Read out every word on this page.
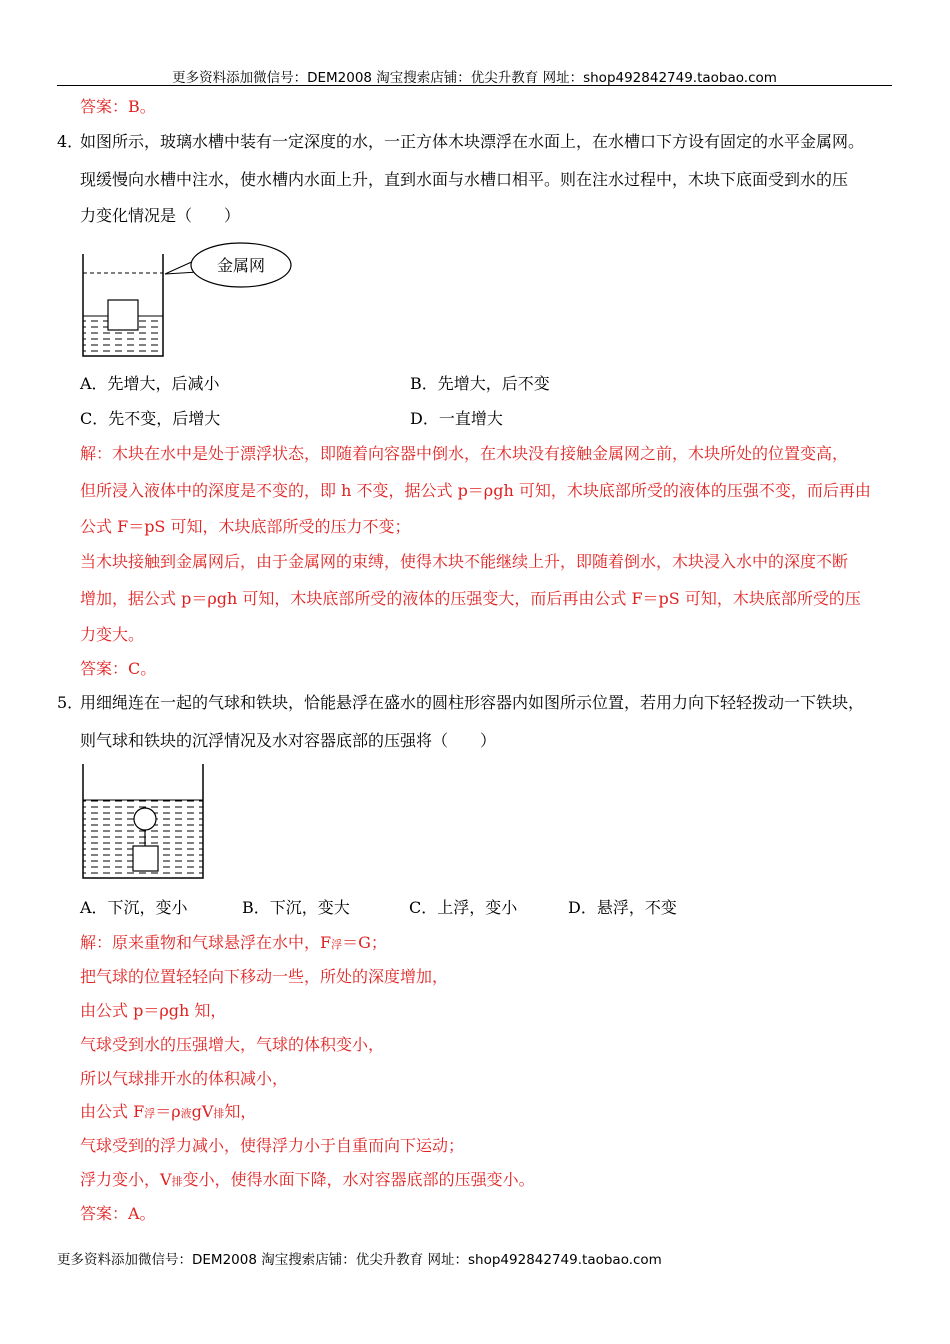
更多资料添加微信号：DEM2008 淘宝搜索店铺：优尖升教育 网址：shop492842749.taobao.com
答案：B。
4．
如图所示，玻璃水槽中装有一定深度的水，一正方体木块漂浮在水面上，在水槽口下方设有固定的水平金属网。
现缓慢向水槽中注水，使水槽内水面上升，直到水面与水槽口相平。则在注水过程中，木块下底面受到水的压
力变化情况是（　　）
金属网
A．先增大，后减小	B．先增大，后不变
C．先不变，后增大	D．一直增大
解：木块在水中是处于漂浮状态，即随着向容器中倒水，在木块没有接触金属网之前，木块所处的位置变高，
但所浸入液体中的深度是不变的，即 h 不变，据公式 p＝ρgh 可知，木块底部所受的液体的压强不变，而后再由
公式 F＝pS 可知，木块底部所受的压力不变；
当木块接触到金属网后，由于金属网的束缚，使得木块不能继续上升，即随着倒水，木块浸入水中的深度不断
增加，据公式 p＝ρgh 可知，木块底部所受的液体的压强变大，而后再由公式 F＝pS 可知，木块底部所受的压
力变大。
答案：C。
5．
用细绳连在一起的气球和铁块，恰能悬浮在盛水的圆柱形容器内如图所示位置，若用力向下轻轻拨动一下铁块，
则气球和铁块的沉浮情况及水对容器底部的压强将（　　）
A．下沉，变小	B．下沉，变大	C．上浮，变小	D．悬浮，不变
解：原来重物和气球悬浮在水中，F浮＝G；
把气球的位置轻轻向下移动一些，所处的深度增加，
由公式 p＝ρgh 知，
气球受到水的压强增大，气球的体积变小，
所以气球排开水的体积减小，
由公式 F浮＝ρ液gV排知，
气球受到的浮力减小，使得浮力小于自重而向下运动；
浮力变小，V排变小，使得水面下降，水对容器底部的压强变小。
答案：A。
更多资料添加微信号：DEM2008 淘宝搜索店铺：优尖升教育 网址：shop492842749.taobao.com
